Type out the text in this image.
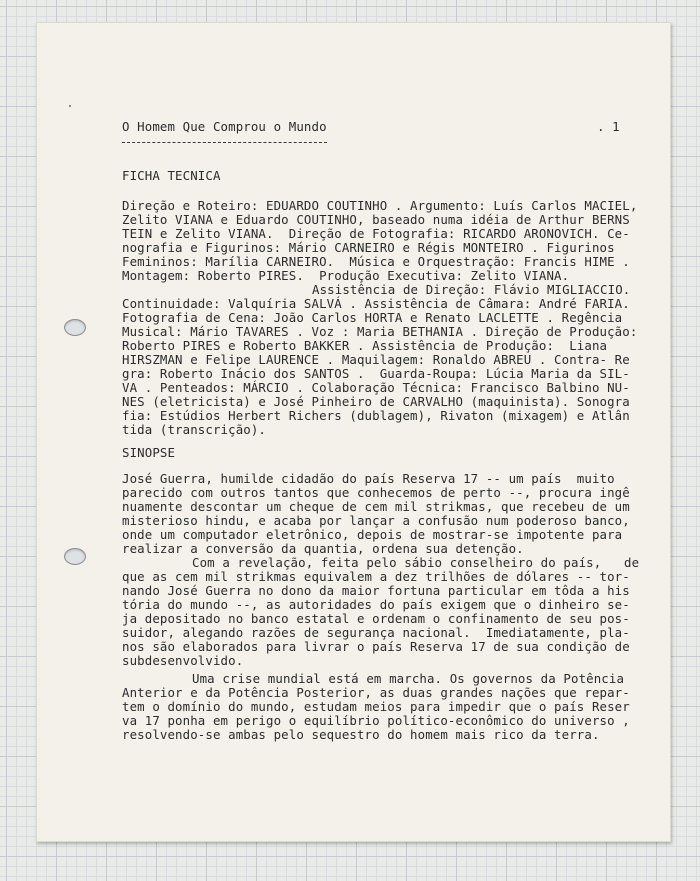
O Homem Que Comprou o Mundo	. 1
FICHA TECNICA
Direção e Roteiro: EDUARDO COUTINHO . Argumento: Luís Carlos MACIEL,
Zelito VIANA e Eduardo COUTINHO, baseado numa idéia de Arthur BERNS
TEIN e Zelito VIANA.  Direção de Fotografia: RICARDO ARONOVICH. Ce-
nografia e Figurinos: Mário CARNEIRO e Régis MONTEIRO . Figurinos
Femininos: Marília CARNEIRO.  Música e Orquestração: Francis HIME .
Montagem: Roberto PIRES.  Produção Executiva: Zelito VIANA.
Assistência de Direção: Flávio MIGLIACCIO.
Continuidade: Valquíria SALVÁ . Assistência de Câmara: André FARIA.
Fotografia de Cena: João Carlos HORTA e Renato LACLETTE . Regência
Musical: Mário TAVARES . Voz : Maria BETHANIA . Direção de Produção:
Roberto PIRES e Roberto BAKKER . Assistência de Produção:  Liana
HIRSZMAN e Felipe LAURENCE . Maquilagem: Ronaldo ABREU . Contra- Re
gra: Roberto Inácio dos SANTOS .  Guarda-Roupa: Lúcia Maria da SIL-
VA . Penteados: MÁRCIO . Colaboração Técnica: Francisco Balbino NU-
NES (eletricista) e José Pinheiro de CARVALHO (maquinista). Sonogra
fia: Estúdios Herbert Richers (dublagem), Rivaton (mixagem) e Atlân
tida (transcrição).
SINOPSE
José Guerra, humilde cidadão do país Reserva 17 -- um país  muito
parecido com outros tantos que conhecemos de perto --, procura ingê
nuamente descontar um cheque de cem mil strikmas, que recebeu de um
misterioso hindu, e acaba por lançar a confusão num poderoso banco,
onde um computador eletrônico, depois de mostrar-se impotente para
realizar a conversão da quantia, ordena sua detenção.
Com a revelação, feita pelo sábio conselheiro do país,   de
que as cem mil strikmas equivalem a dez trilhões de dólares -- tor-
nando José Guerra no dono da maior fortuna particular em tôda a his
tória do mundo --, as autoridades do país exigem que o dinheiro se-
ja depositado no banco estatal e ordenam o confinamento de seu pos-
suidor, alegando razões de segurança nacional.  Imediatamente, pla-
nos são elaborados para livrar o país Reserva 17 de sua condição de
subdesenvolvido.
Uma crise mundial está em marcha. Os governos da Potência
Anterior e da Potência Posterior, as duas grandes nações que repar-
tem o domínio do mundo, estudam meios para impedir que o país Reser
va 17 ponha em perigo o equilíbrio político-econômico do universo ,
resolvendo-se ambas pelo sequestro do homem mais rico da terra.
